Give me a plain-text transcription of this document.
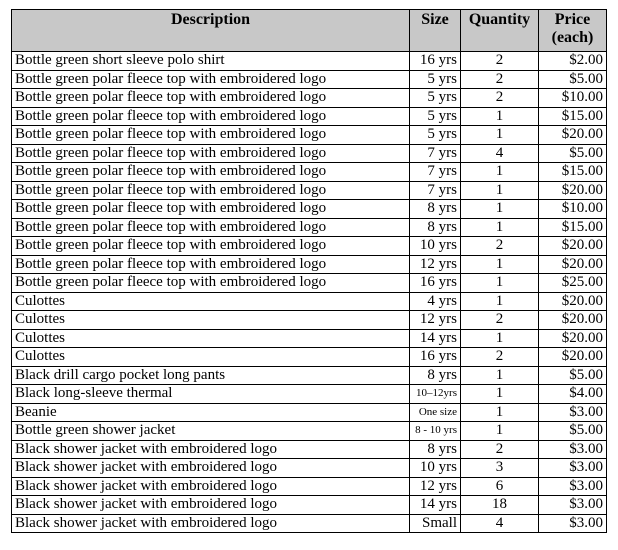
Description	Size	Quantity	Price
(each)
Bottle green short sleeve polo shirt	16 yrs	2	$2.00
Bottle green polar fleece top with embroidered logo	5 yrs	2	$5.00
Bottle green polar fleece top with embroidered logo	5 yrs	2	$10.00
Bottle green polar fleece top with embroidered logo	5 yrs	1	$15.00
Bottle green polar fleece top with embroidered logo	5 yrs	1	$20.00
Bottle green polar fleece top with embroidered logo	7 yrs	4	$5.00
Bottle green polar fleece top with embroidered logo	7 yrs	1	$15.00
Bottle green polar fleece top with embroidered logo	7 yrs	1	$20.00
Bottle green polar fleece top with embroidered logo	8 yrs	1	$10.00
Bottle green polar fleece top with embroidered logo	8 yrs	1	$15.00
Bottle green polar fleece top with embroidered logo	10 yrs	2	$20.00
Bottle green polar fleece top with embroidered logo	12 yrs	1	$20.00
Bottle green polar fleece top with embroidered logo	16 yrs	1	$25.00
Culottes	4 yrs	1	$20.00
Culottes	12 yrs	2	$20.00
Culottes	14 yrs	1	$20.00
Culottes	16 yrs	2	$20.00
Black drill cargo pocket long pants	8 yrs	1	$5.00
Black long-sleeve thermal	10–12yrs	1	$4.00
Beanie	One size	1	$3.00
Bottle green shower jacket	8 - 10 yrs	1	$5.00
Black shower jacket with embroidered logo	8 yrs	2	$3.00
Black shower jacket with embroidered logo	10 yrs	3	$3.00
Black shower jacket with embroidered logo	12 yrs	6	$3.00
Black shower jacket with embroidered logo	14 yrs	18	$3.00
Black shower jacket with embroidered logo	Small	4	$3.00
